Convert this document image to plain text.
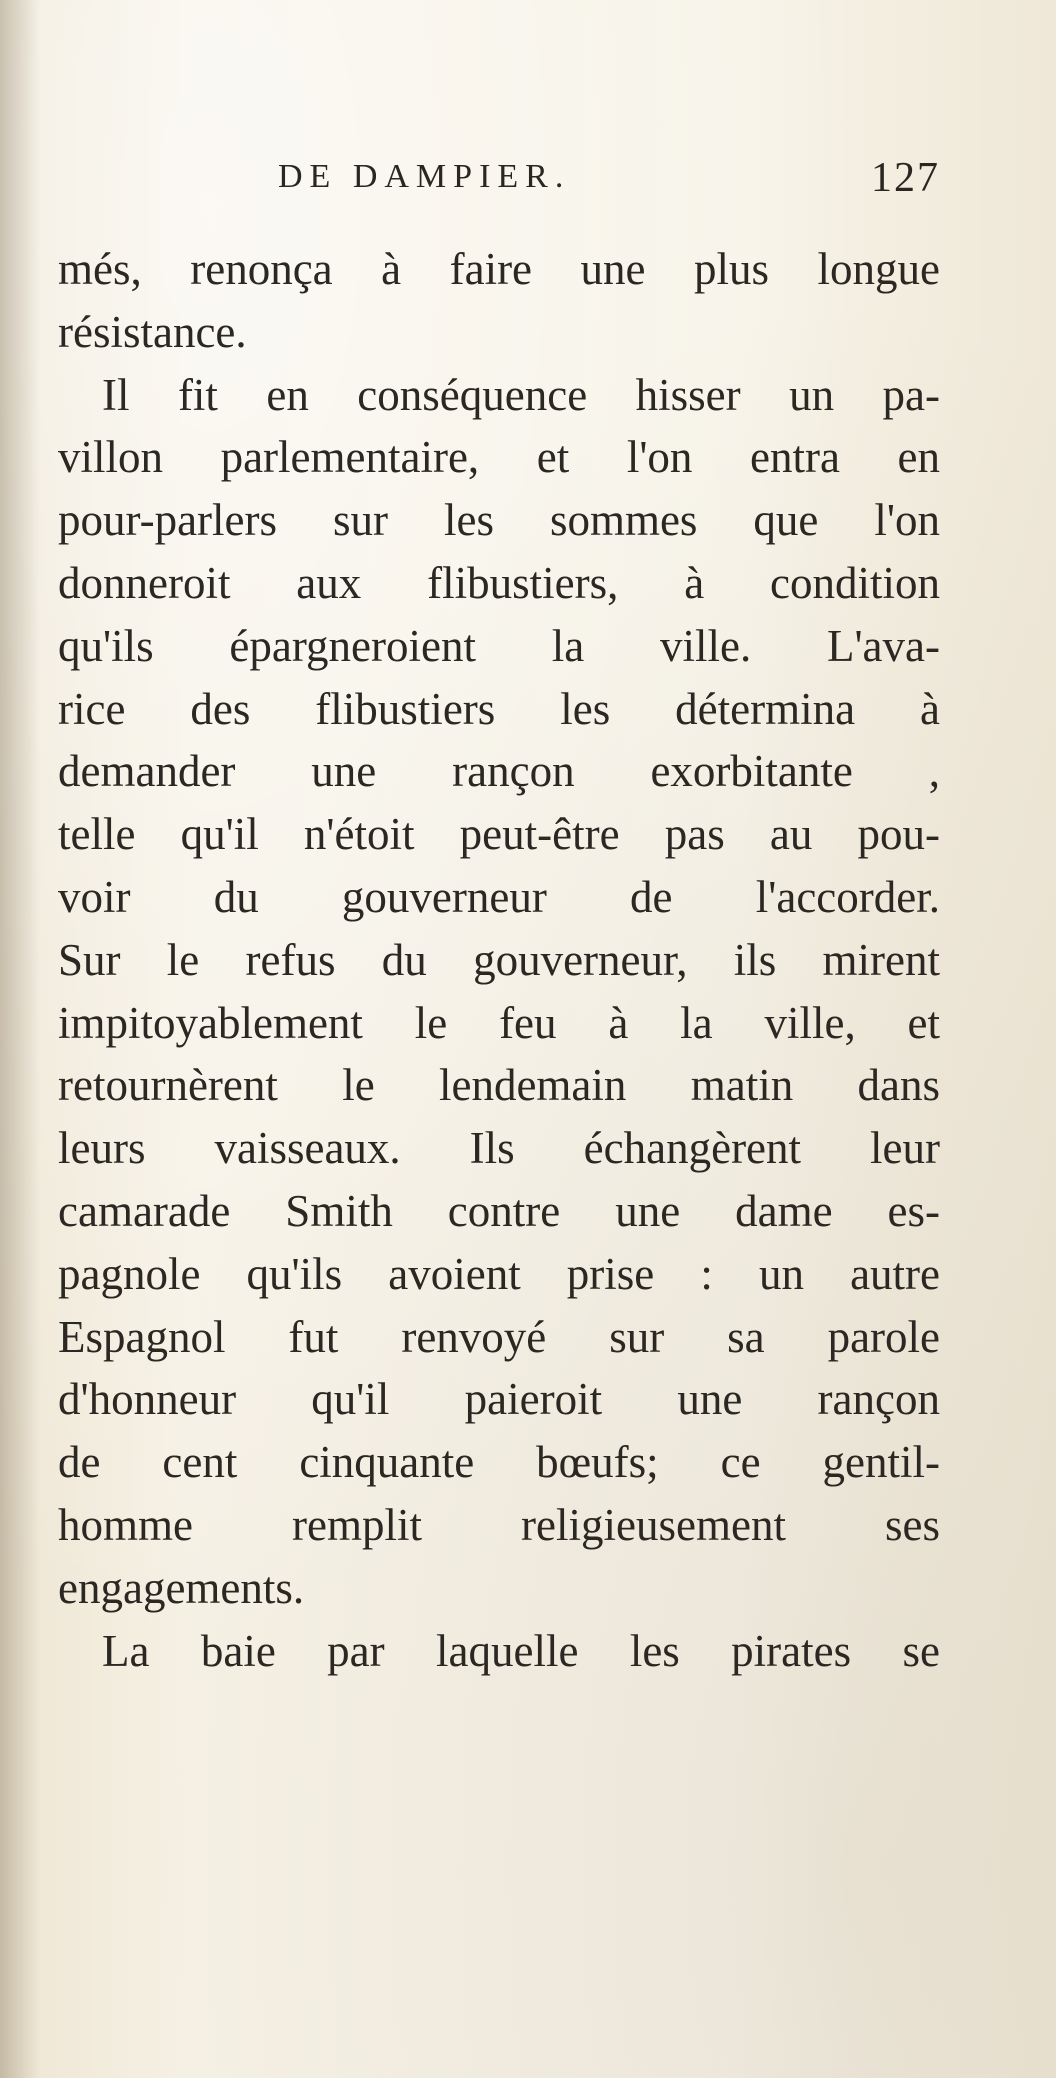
DE DAMPIER.	127
més, renonça à faire une plus longue
résistance.
Il fit en conséquence hisser un pa-
villon parlementaire, et l'on entra en
pour-parlers sur les sommes que l'on
donneroit aux flibustiers, à condition
qu'ils épargneroient la ville. L'ava-
rice des flibustiers les détermina à
demander une rançon exorbitante ,
telle qu'il n'étoit peut-être pas au pou-
voir du gouverneur de l'accorder.
Sur le refus du gouverneur, ils mirent
impitoyablement le feu à la ville, et
retournèrent le lendemain matin dans
leurs vaisseaux. Ils échangèrent leur
camarade Smith contre une dame es-
pagnole qu'ils avoient prise : un autre
Espagnol fut renvoyé sur sa parole
d'honneur qu'il paieroit une rançon
de cent cinquante bœufs; ce gentil-
homme remplit religieusement ses
engagements.
La baie par laquelle les pirates se
